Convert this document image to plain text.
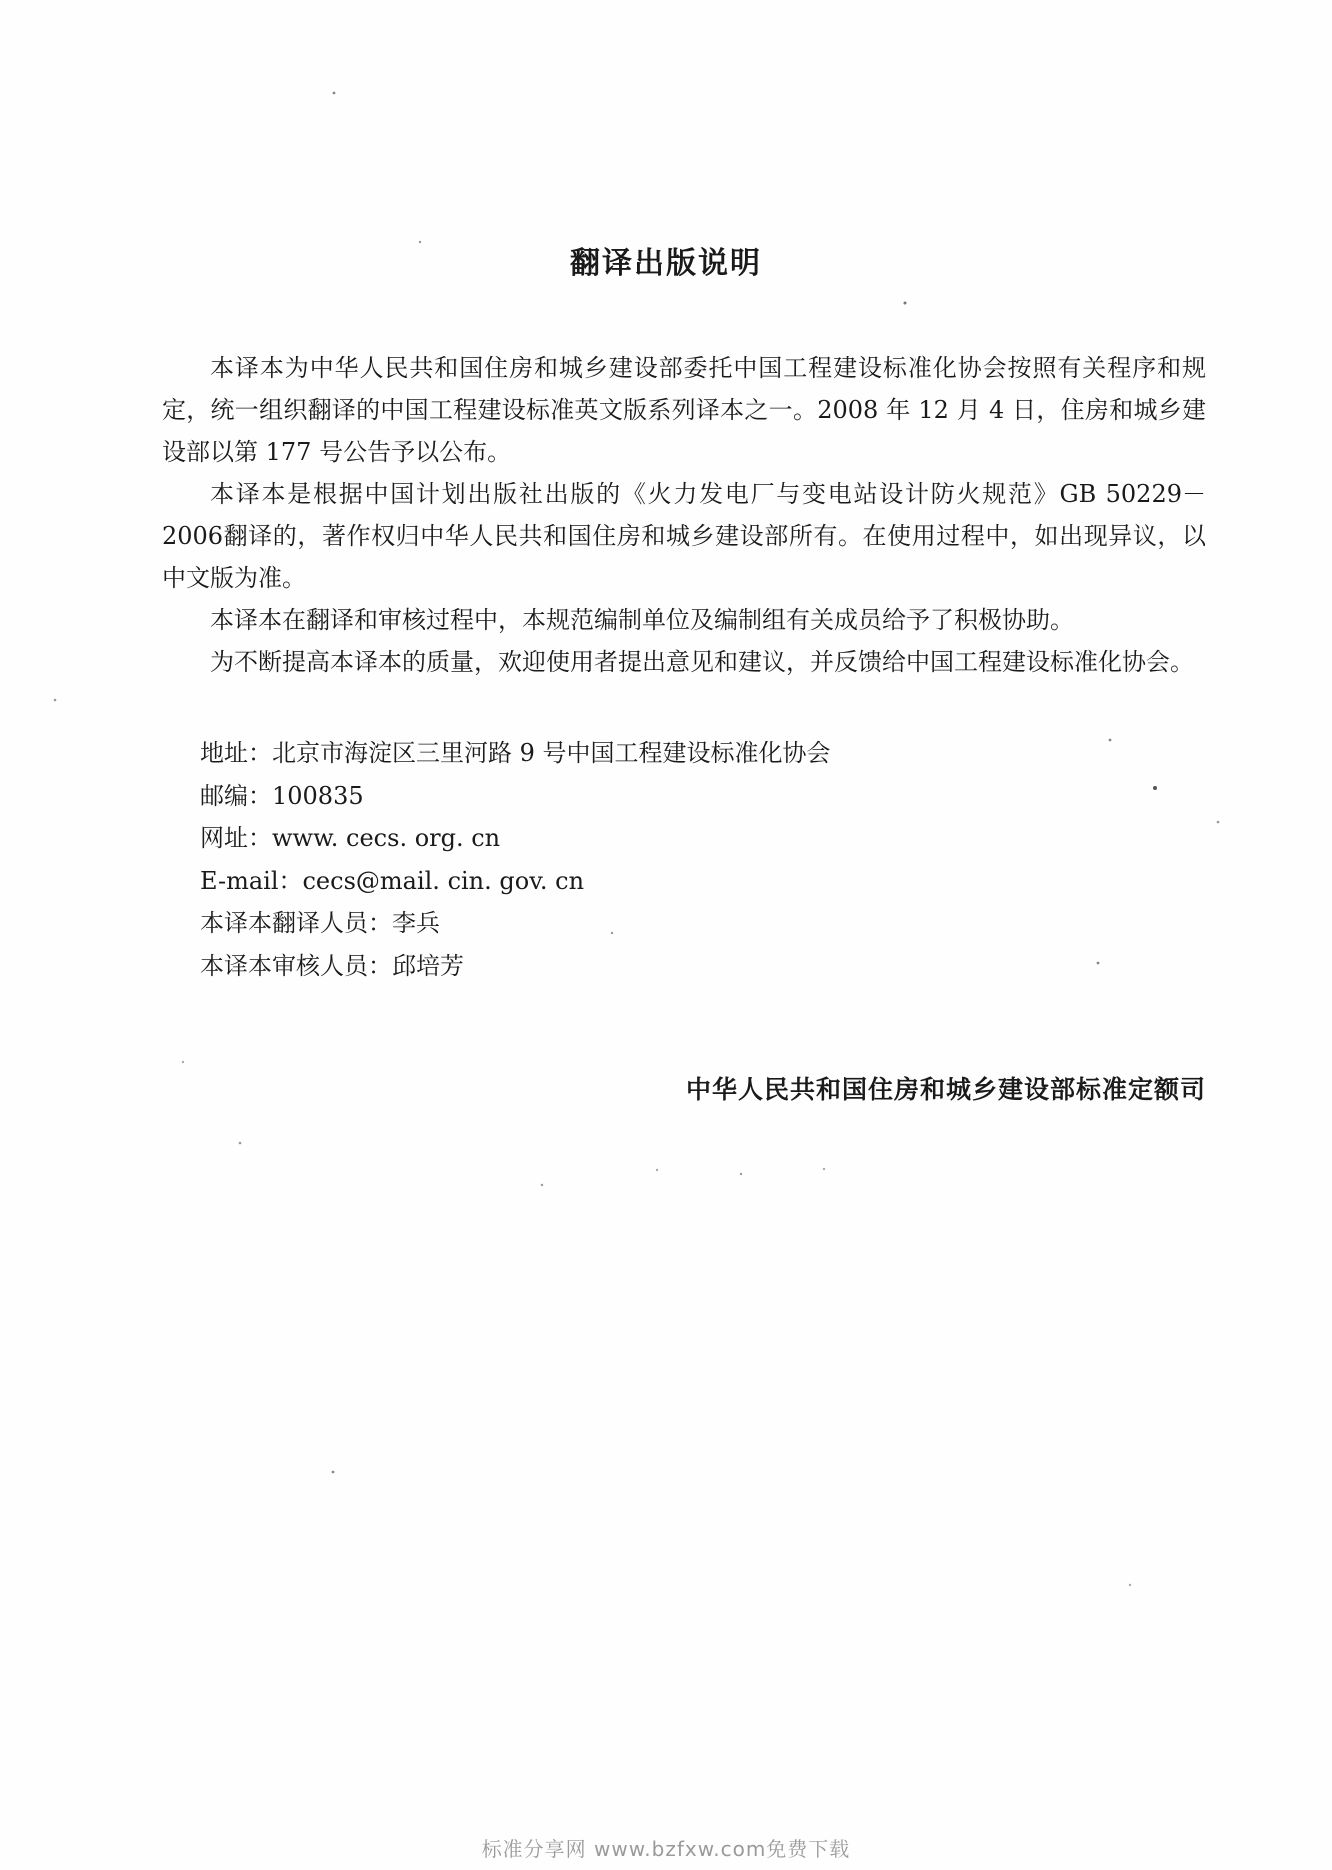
翻译出版说明

本译本为中华人民共和国住房和城乡建设部委托中国工程建设标准化协会按照有关程序和规定，统一组织翻译的中国工程建设标准英文版系列译本之一。2008 年 12 月 4 日，住房和城乡建设部以第 177 号公告予以公布。

本译本是根据中国计划出版社出版的《火力发电厂与变电站设计防火规范》GB 50229－2006翻译的，著作权归中华人民共和国住房和城乡建设部所有。在使用过程中，如出现异议，以中文版为准。

本译本在翻译和审核过程中，本规范编制单位及编制组有关成员给予了积极协助。

为不断提高本译本的质量，欢迎使用者提出意见和建议，并反馈给中国工程建设标准化协会。

地址：北京市海淀区三里河路 9 号中国工程建设标准化协会

邮编：100835

网址：www. cecs. org. cn

E-mail：cecs@mail. cin. gov. cn

本译本翻译人员：李兵

本译本审核人员：邱培芳

中华人民共和国住房和城乡建设部标准定额司
标准分享网 www.bzfxw.com免费下载
